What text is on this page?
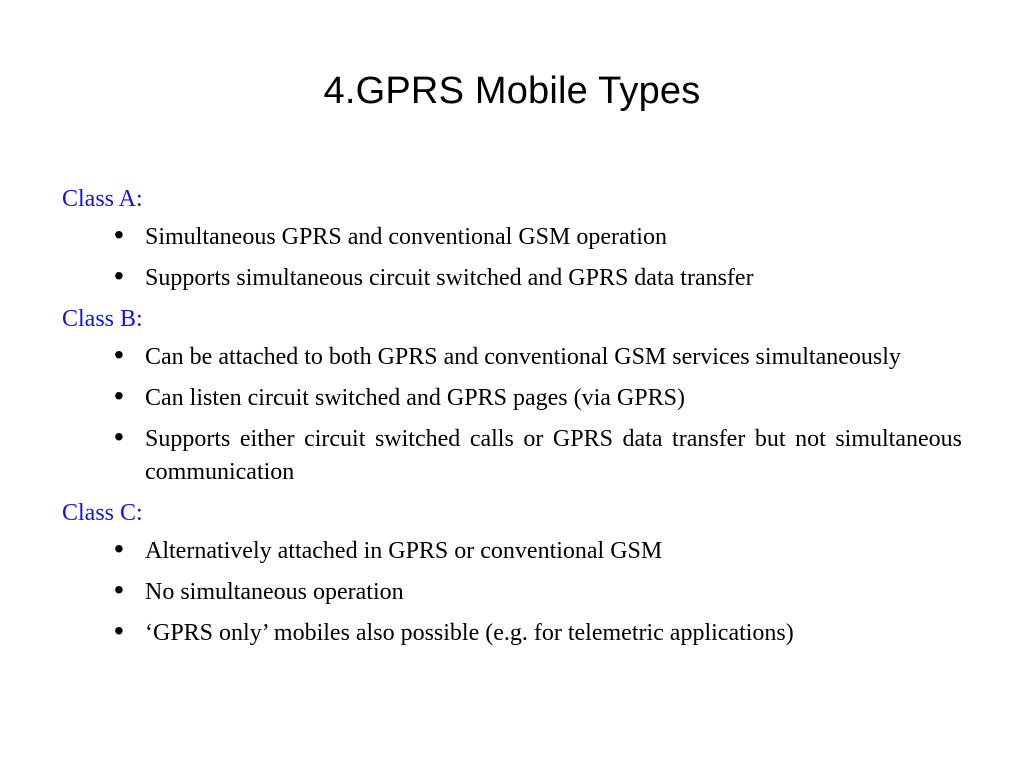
4.GPRS Mobile Types
Class A:
• Simultaneous GPRS and conventional GSM operation
• Supports simultaneous circuit switched and GPRS data transfer
Class B:
• Can be attached to both GPRS and conventional GSM services simultaneously
• Can listen circuit switched and GPRS pages (via GPRS)
• Supports either circuit switched calls or GPRS data transfer but not simultaneous communication
Class C:
• Alternatively attached in GPRS or conventional GSM
• No simultaneous operation
• ‘GPRS only’ mobiles also possible (e.g. for telemetric applications)
